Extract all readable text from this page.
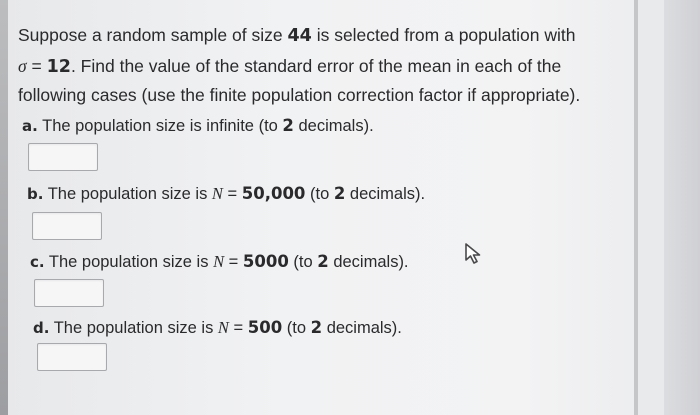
Suppose a random sample of size 44 is selected from a population with
σ = 12. Find the value of the standard error of the mean in each of the
following cases (use the finite population correction factor if appropriate).
a. The population size is infinite (to 2 decimals).
b. The population size is N = 50,000 (to 2 decimals).
c. The population size is N = 5000 (to 2 decimals).
d. The population size is N = 500 (to 2 decimals).
